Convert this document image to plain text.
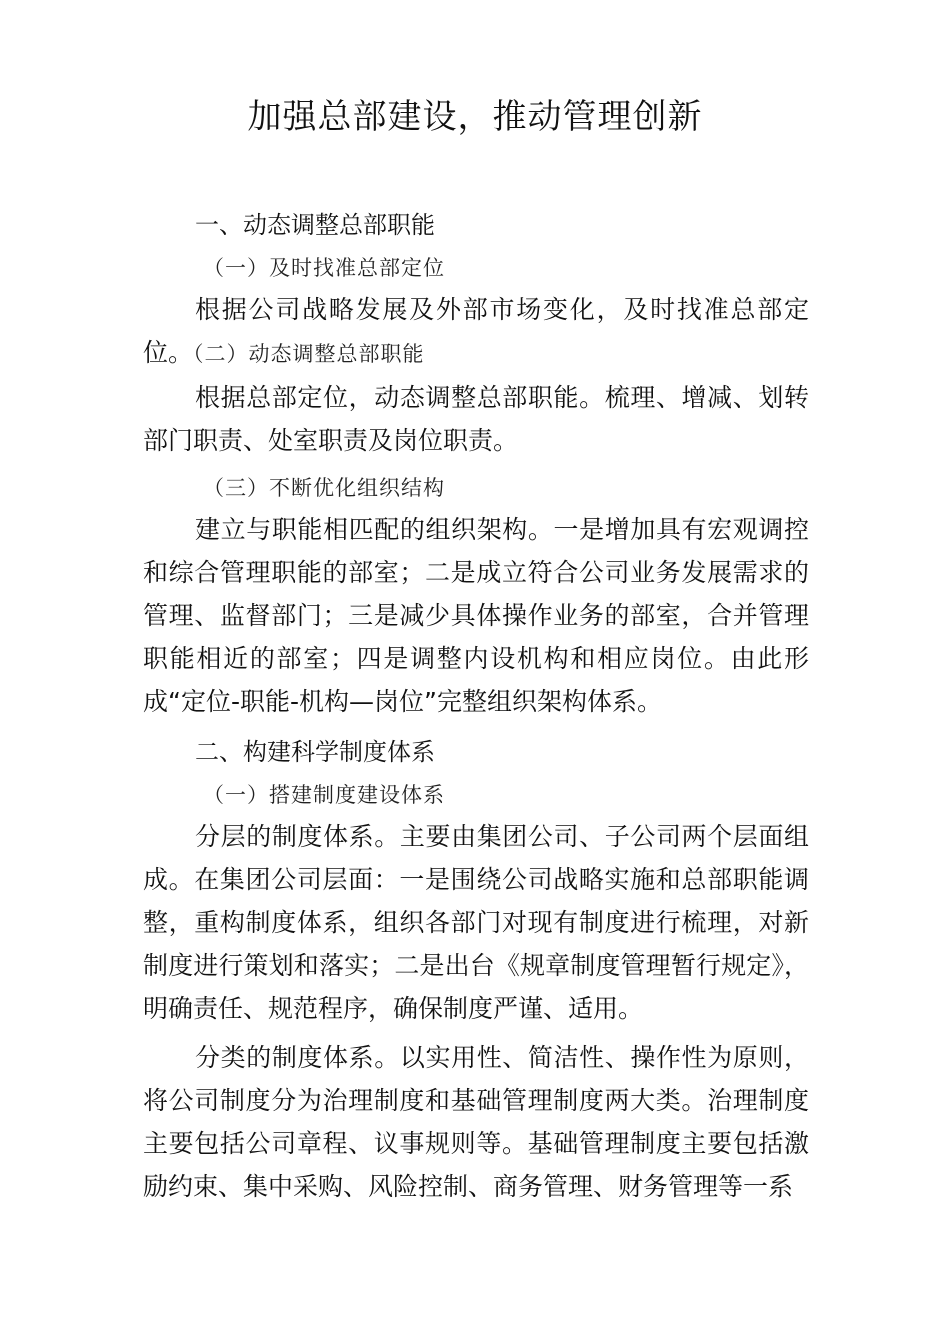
加强总部建设，推动管理创新

一、动态调整总部职能

（一）及时找准总部定位

根据公司战略发展及外部市场变化，及时找准总部定位。（二）动态调整总部职能

根据总部定位，动态调整总部职能。梳理、增减、划转部门职责、处室职责及岗位职责。

（三）不断优化组织结构

建立与职能相匹配的组织架构。一是增加具有宏观调控和综合管理职能的部室；二是成立符合公司业务发展需求的管理、监督部门；三是减少具体操作业务的部室，合并管理职能相近的部室；四是调整内设机构和相应岗位。由此形成“定位-职能-机构—岗位”完整组织架构体系。

二、构建科学制度体系

（一）搭建制度建设体系

分层的制度体系。主要由集团公司、子公司两个层面组成。在集团公司层面：一是围绕公司战略实施和总部职能调整，重构制度体系，组织各部门对现有制度进行梳理，对新制度进行策划和落实；二是出台《规章制度管理暂行规定》，明确责任、规范程序，确保制度严谨、适用。

分类的制度体系。以实用性、简洁性、操作性为原则，将公司制度分为治理制度和基础管理制度两大类。治理制度主要包括公司章程、议事规则等。基础管理制度主要包括激励约束、集中采购、风险控制、商务管理、财务管理等一系
